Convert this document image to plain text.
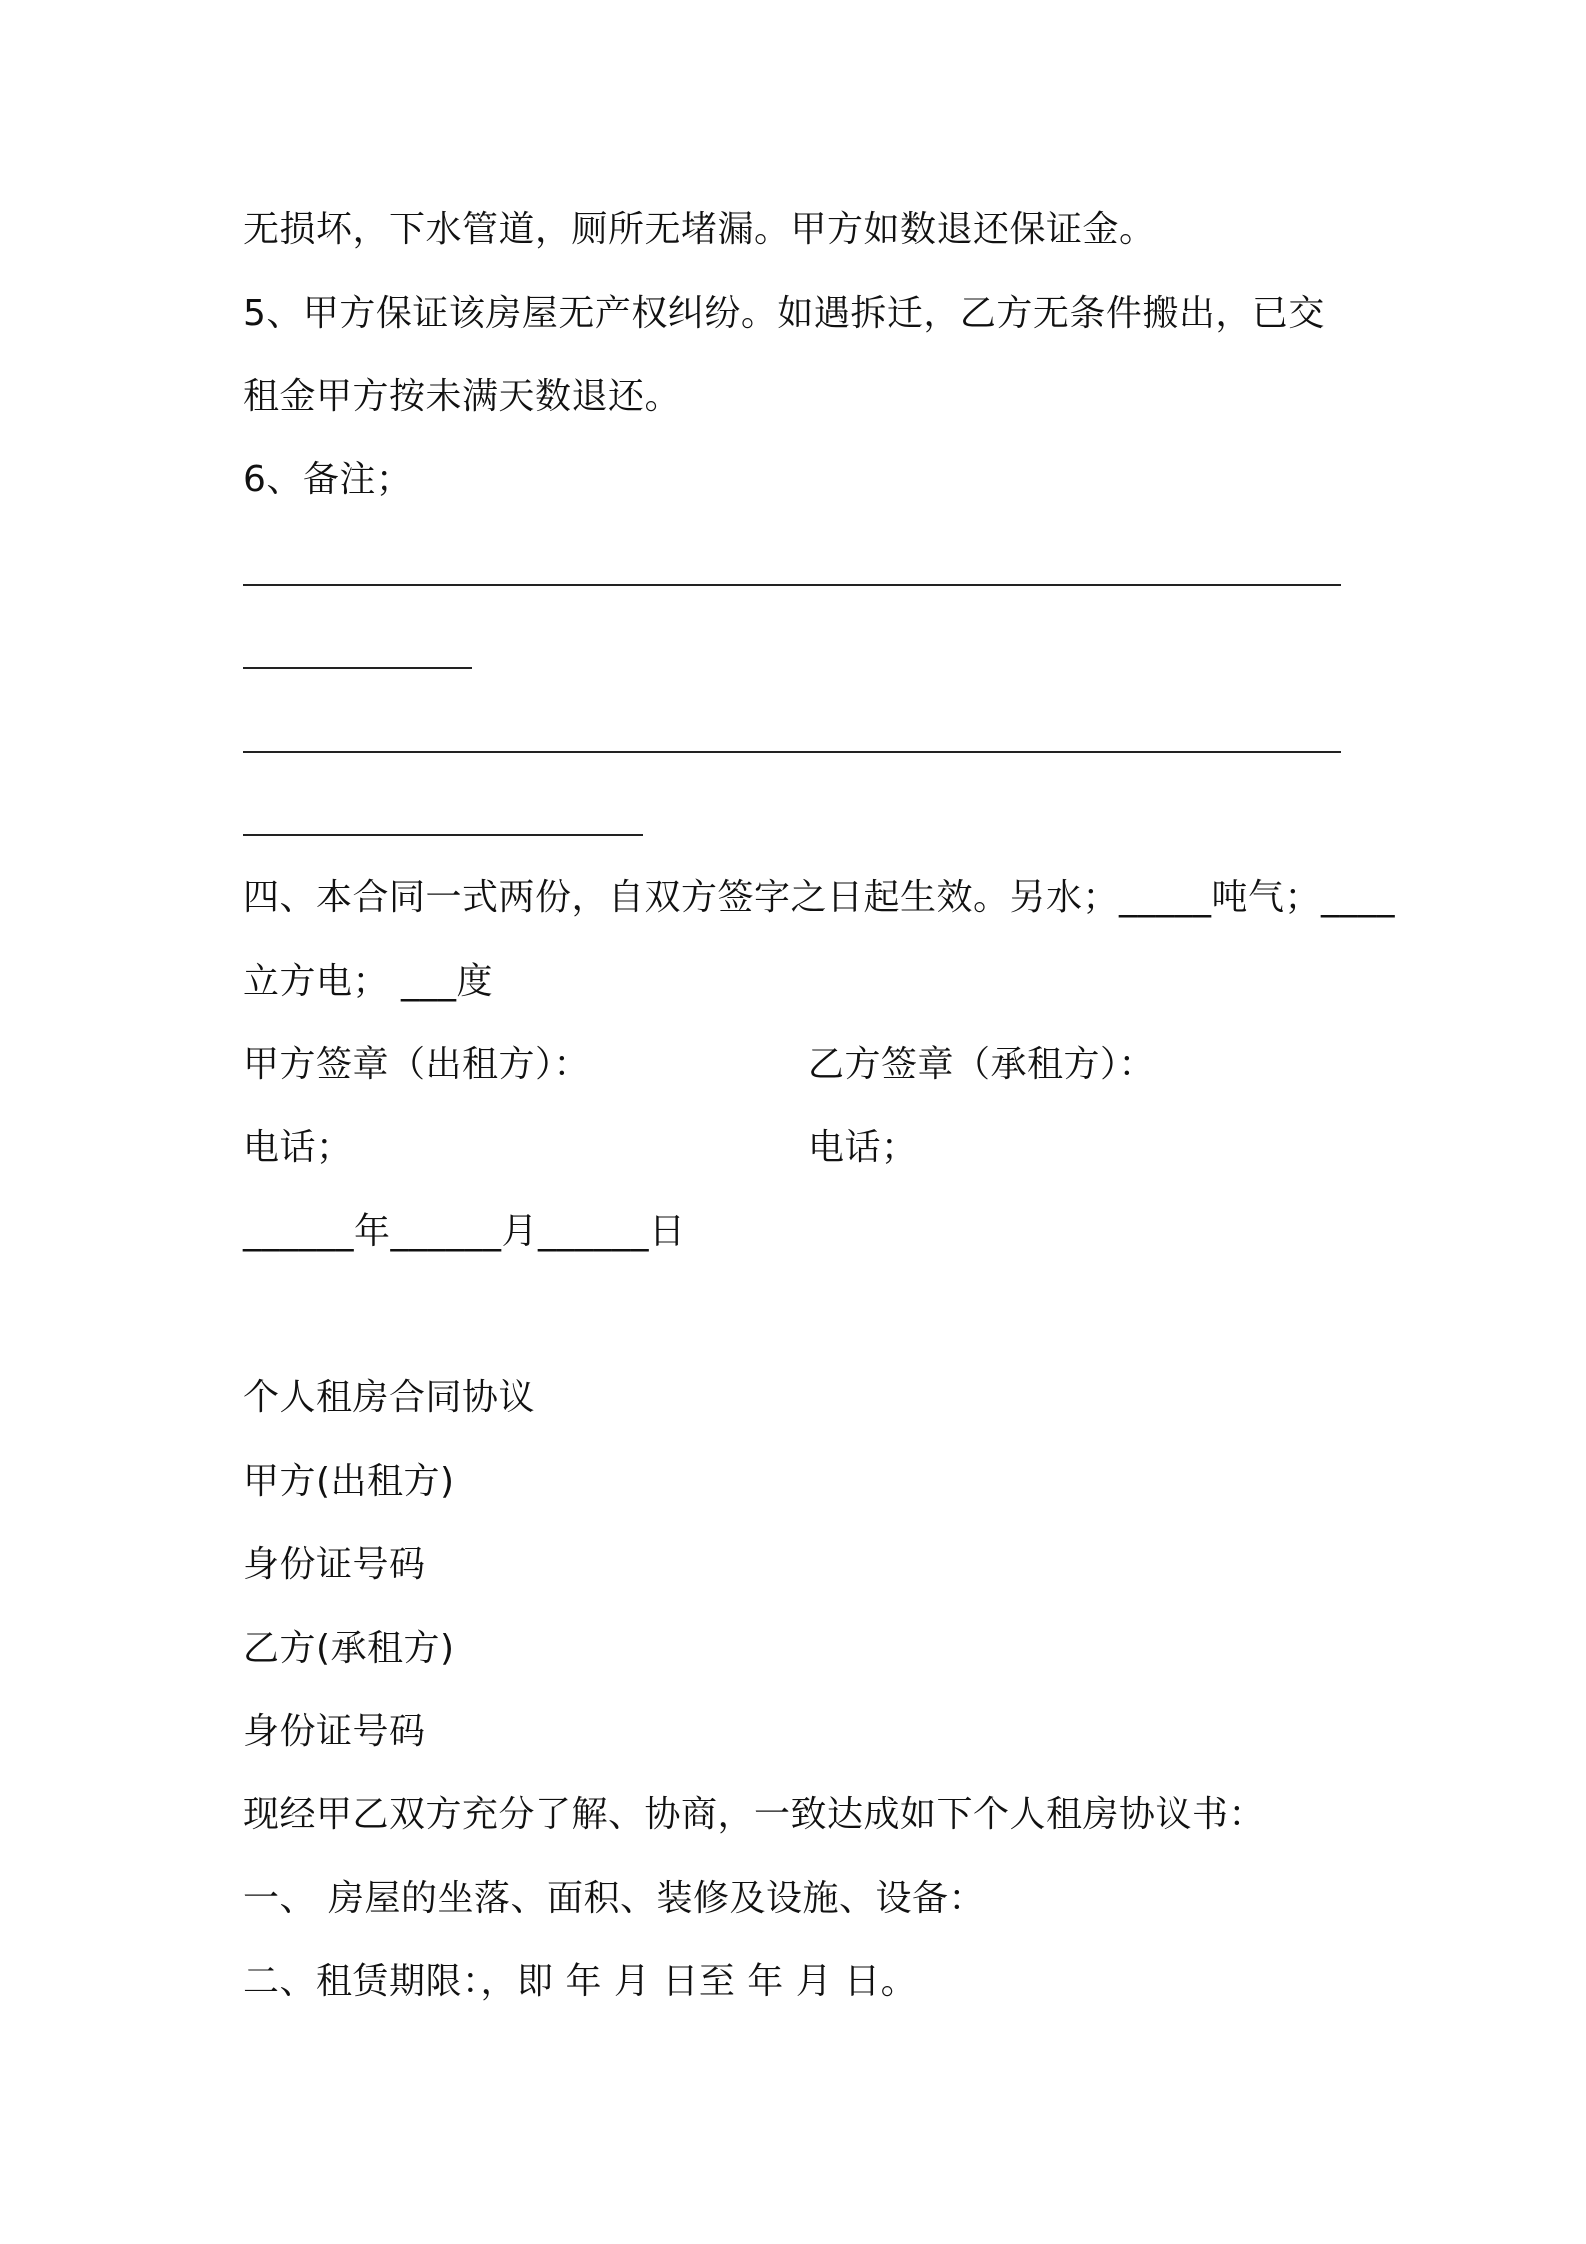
无损坏，下水管道，厕所无堵漏。甲方如数退还保证金。
5、甲方保证该房屋无产权纠纷。如遇拆迁，乙方无条件搬出，已交
租金甲方按未满天数退还。
6、备注；
四、本合同一式两份，自双方签字之日起生效。另水；_____吨气；____
立方电； ___度
甲方签章（出租方）：	乙方签章（承租方）：
电话；	电话；
______年______月______日
个人租房合同协议
甲方(出租方)
身份证号码
乙方(承租方)
身份证号码
现经甲乙双方充分了解、协商，一致达成如下个人租房协议书：
一、 房屋的坐落、面积、装修及设施、设备：
二、租赁期限：，即 年 月 日至 年 月 日。
